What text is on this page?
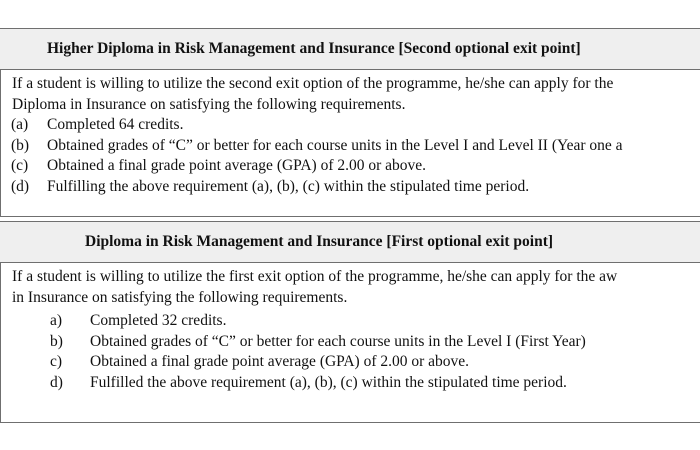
Higher Diploma in Risk Management and Insurance [Second optional exit point]

If a student is willing to utilize the second exit option of the programme, he/she can apply for the

Diploma in Insurance on satisfying the following requirements.

(a)	Completed 64 credits.
(b)	Obtained grades of “C” or better for each course units in the Level I and Level II (Year one a
(c)	Obtained a final grade point average (GPA) of 2.00 or above.
(d)	Fulfilling the above requirement (a), (b), (c) within the stipulated time period.
Diploma in Risk Management and Insurance [First optional exit point]

If a student is willing to utilize the first exit option of the programme, he/she can apply for the aw

in Insurance on satisfying the following requirements.

a)	Completed 32 credits.
b)	Obtained grades of “C” or better for each course units in the Level I (First Year)
c)	Obtained a final grade point average (GPA) of 2.00 or above.
d)	Fulfilled the above requirement (a), (b), (c) within the stipulated time period.
